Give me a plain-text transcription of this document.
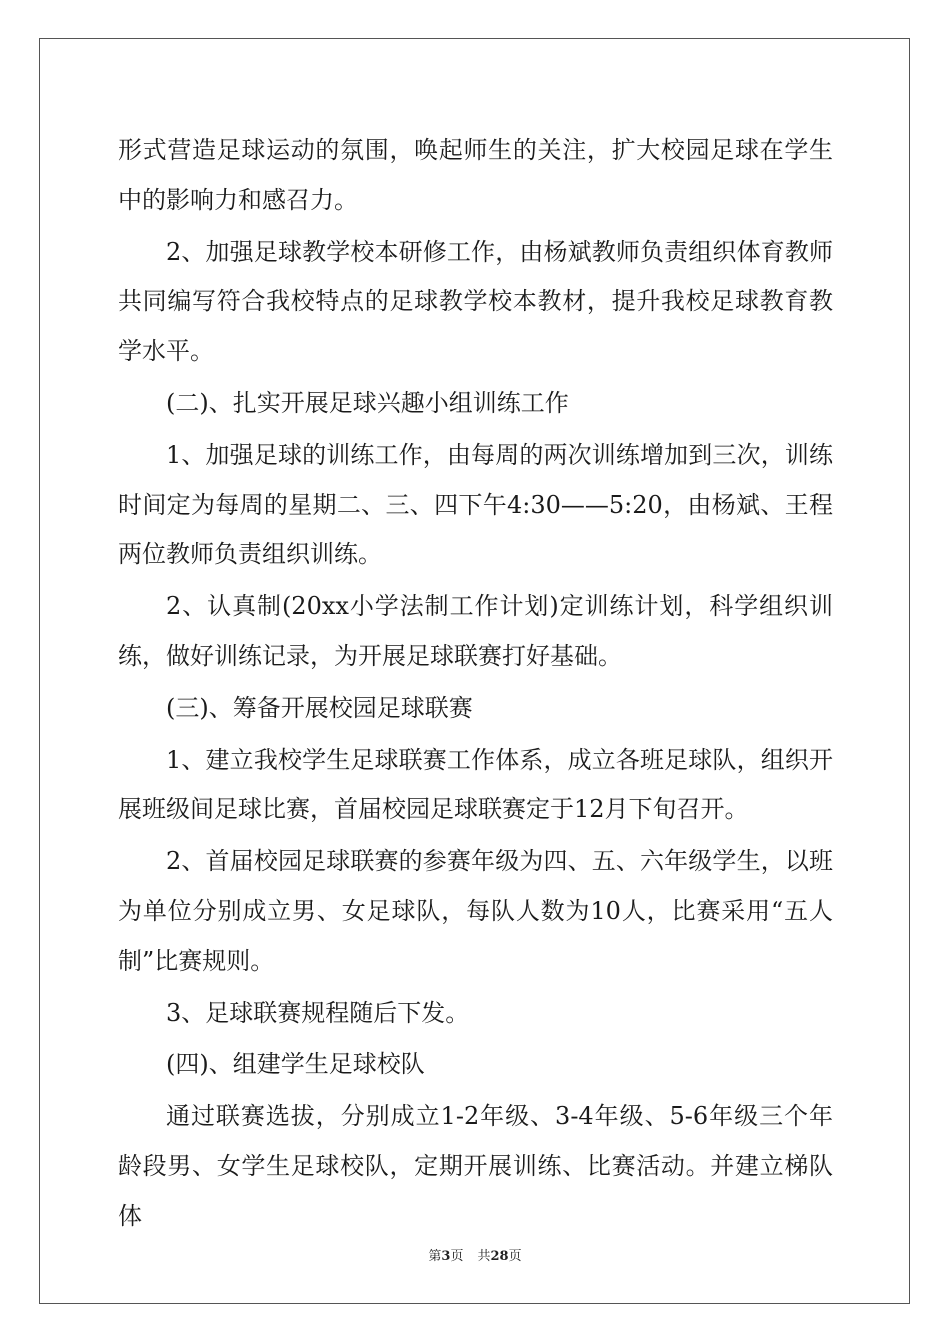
形式营造足球运动的氛围，唤起师生的关注，扩大校园足球在学生中的影响力和感召力。

2、加强足球教学校本研修工作，由杨斌教师负责组织体育教师共同编写符合我校特点的足球教学校本教材，提升我校足球教育教学水平。

(二)、扎实开展足球兴趣小组训练工作

1、加强足球的训练工作，由每周的两次训练增加到三次，训练时间定为每周的星期二、三、四下午4:30——5:20，由杨斌、王程两位教师负责组织训练。

2、认真制(20xx小学法制工作计划)定训练计划，科学组织训练，做好训练记录，为开展足球联赛打好基础。

(三)、筹备开展校园足球联赛

1、建立我校学生足球联赛工作体系，成立各班足球队，组织开展班级间足球比赛，首届校园足球联赛定于12月下旬召开。

2、首届校园足球联赛的参赛年级为四、五、六年级学生，以班为单位分别成立男、女足球队，每队人数为10人，比赛采用“五人制”比赛规则。

3、足球联赛规程随后下发。

(四)、组建学生足球校队

通过联赛选拔，分别成立1-2年级、3-4年级、5-6年级三个年龄段男、女学生足球校队，定期开展训练、比赛活动。并建立梯队体

第3页 共28页
